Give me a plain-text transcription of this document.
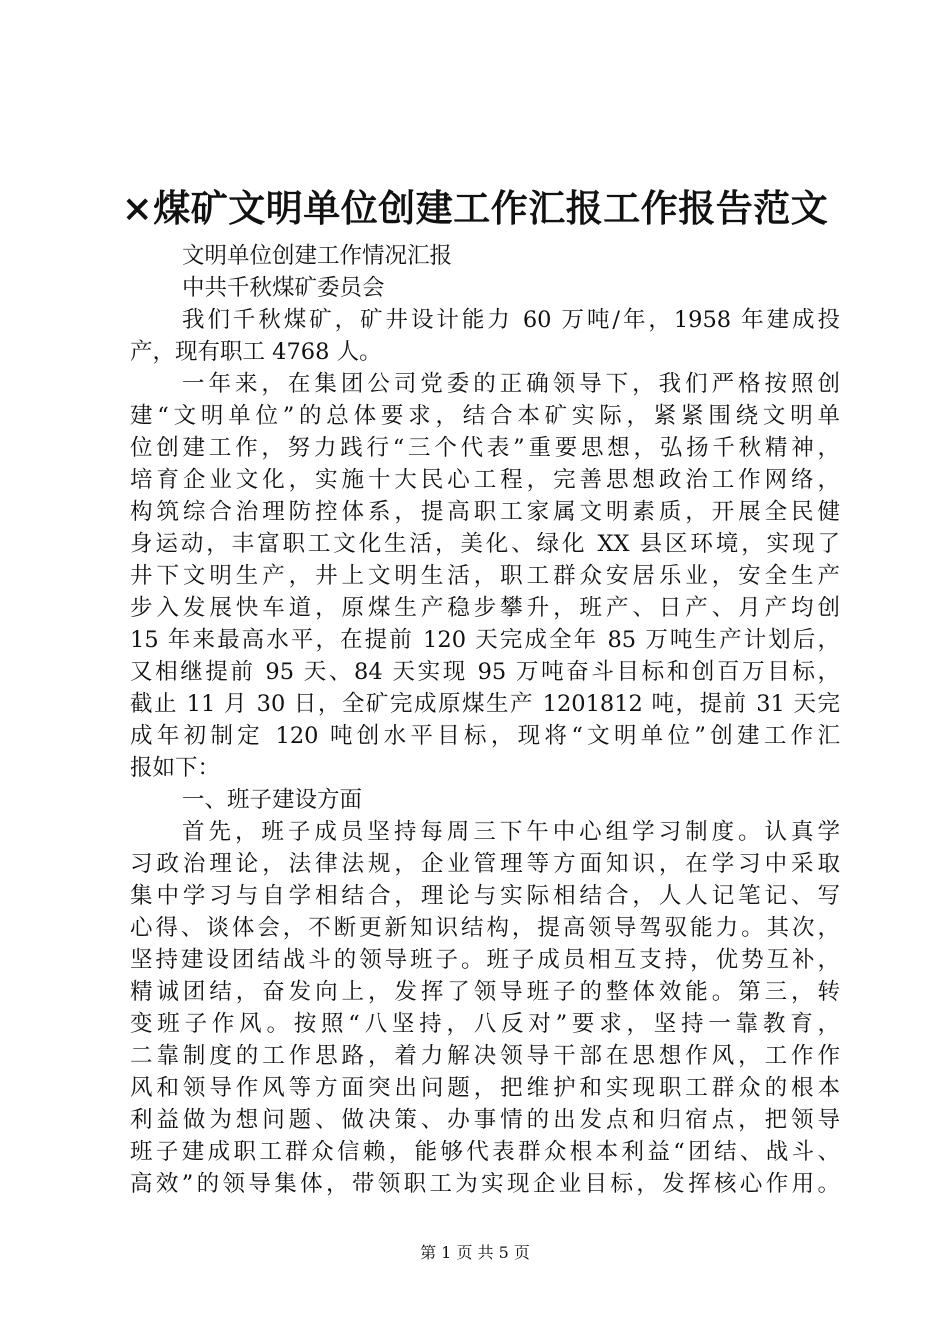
×煤矿文明单位创建工作汇报工作报告范文
文明单位创建工作情况汇报
中共千秋煤矿委员会
我们千秋煤矿，矿井设计能力 60 万吨/年，1958 年建成投
产，现有职工 4768 人。
一年来，在集团公司党委的正确领导下，我们严格按照创
建“文明单位”的总体要求，结合本矿实际，紧紧围绕文明单
位创建工作，努力践行“三个代表”重要思想，弘扬千秋精神，
培育企业文化，实施十大民心工程，完善思想政治工作网络，
构筑综合治理防控体系，提高职工家属文明素质，开展全民健
身运动，丰富职工文化生活，美化、绿化 XX 县区环境，实现了
井下文明生产，井上文明生活，职工群众安居乐业，安全生产
步入发展快车道，原煤生产稳步攀升，班产、日产、月产均创
15 年来最高水平，在提前 120 天完成全年 85 万吨生产计划后，
又相继提前 95 天、84 天实现 95 万吨奋斗目标和创百万目标，
截止 11 月 30 日，全矿完成原煤生产 1201812 吨，提前 31 天完
成年初制定 120 吨创水平目标，现将“文明单位”创建工作汇
报如下：
一、班子建设方面
首先，班子成员坚持每周三下午中心组学习制度。认真学
习政治理论，法律法规，企业管理等方面知识，在学习中采取
集中学习与自学相结合，理论与实际相结合，人人记笔记、写
心得、谈体会，不断更新知识结构，提高领导驾驭能力。其次，
坚持建设团结战斗的领导班子。班子成员相互支持，优势互补，
精诚团结，奋发向上，发挥了领导班子的整体效能。第三，转
变班子作风。按照“八坚持，八反对”要求，坚持一靠教育，
二靠制度的工作思路，着力解决领导干部在思想作风，工作作
风和领导作风等方面突出问题，把维护和实现职工群众的根本
利益做为想问题、做决策、办事情的出发点和归宿点，把领导
班子建成职工群众信赖，能够代表群众根本利益“团结、战斗、
高效”的领导集体，带领职工为实现企业目标，发挥核心作用。
第 1 页 共 5 页
